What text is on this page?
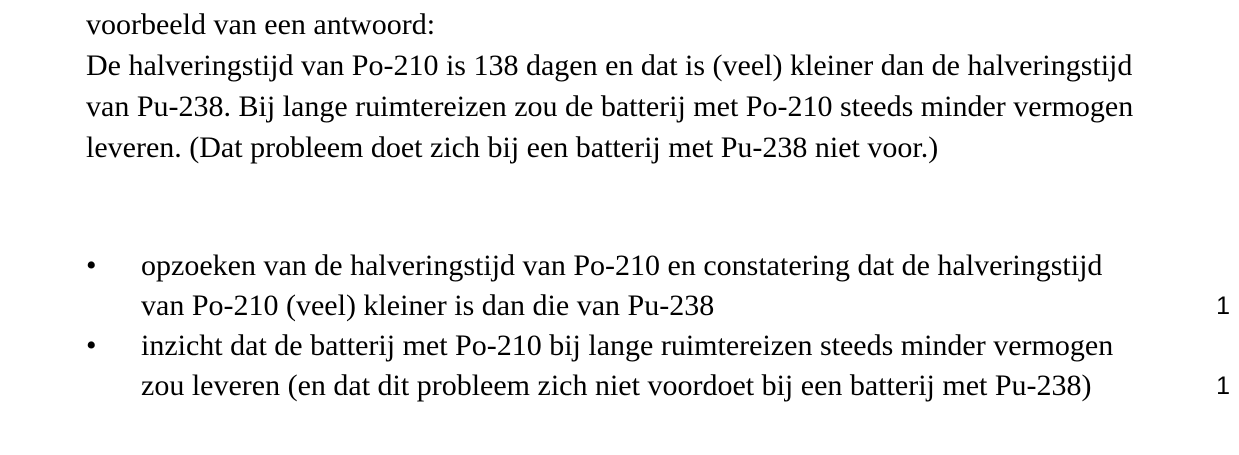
voorbeeld van een antwoord:
De halveringstijd van Po-210 is 138 dagen en dat is (veel) kleiner dan de halveringstijd van Pu-238. Bij lange ruimtereizen zou de batterij met Po-210 steeds minder vermogen leveren. (Dat probleem doet zich bij een batterij met Pu-238 niet voor.)
•	opzoeken van de halveringstijd van Po-210 en constatering dat de halveringstijd van Po-210 (veel) kleiner is dan die van Pu-238	1
•	inzicht dat de batterij met Po-210 bij lange ruimtereizen steeds minder vermogen zou leveren (en dat dit probleem zich niet voordoet bij een batterij met Pu-238)	1
